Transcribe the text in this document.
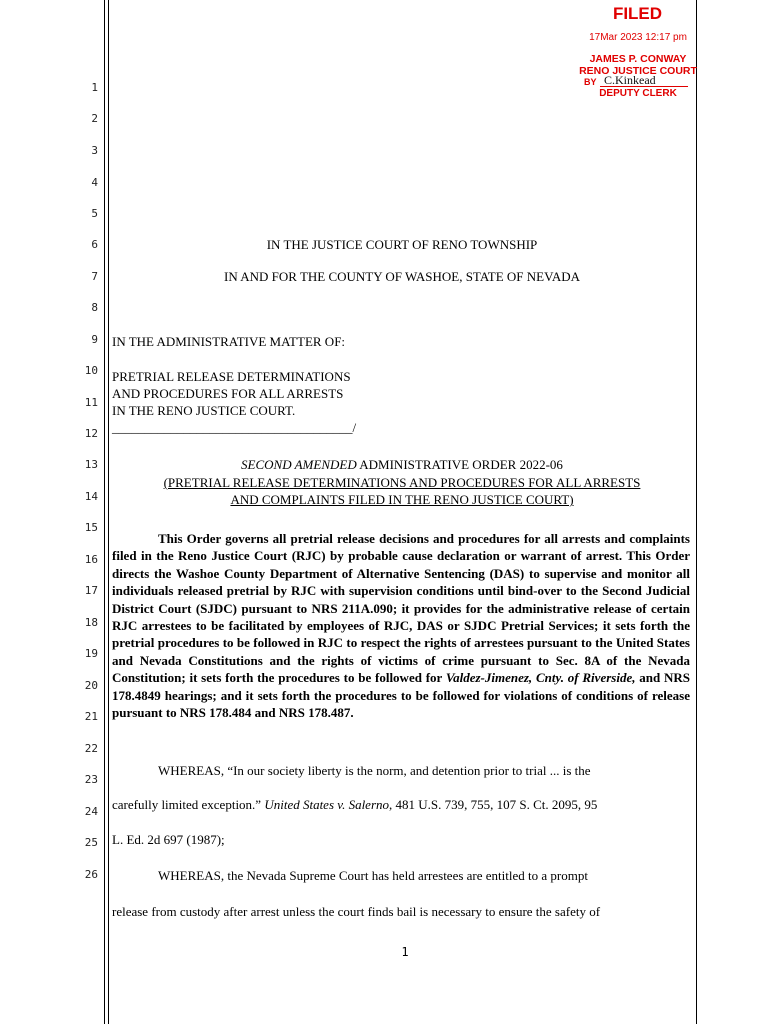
FILED
17Mar 2023 12:17 pm
JAMES P. CONWAY
RENO JUSTICE COURT
BY C.Kinkead
DEPUTY CLERK
1
2
3
4
5
6
7
8
9
10
11
12
13
14
15
16
17
18
19
20
21
22
23
24
25
26
IN THE JUSTICE COURT OF RENO TOWNSHIP
IN AND FOR THE COUNTY OF WASHOE, STATE OF NEVADA
IN THE ADMINISTRATIVE MATTER OF:
PRETRIAL RELEASE DETERMINATIONS
AND PROCEDURES FOR ALL ARRESTS
IN THE RENO JUSTICE COURT.
_____________________________________/
SECOND AMENDED ADMINISTRATIVE ORDER 2022-06
(PRETRIAL RELEASE DETERMINATIONS AND PROCEDURES FOR ALL ARRESTS
AND COMPLAINTS FILED IN THE RENO JUSTICE COURT)
This Order governs all pretrial release decisions and procedures for all arrests and complaints filed in the Reno Justice Court (RJC) by probable cause declaration or warrant of arrest. This Order directs the Washoe County Department of Alternative Sentencing (DAS) to supervise and monitor all individuals released pretrial by RJC with supervision conditions until bind-over to the Second Judicial District Court (SJDC) pursuant to NRS 211A.090; it provides for the administrative release of certain RJC arrestees to be facilitated by employees of RJC, DAS or SJDC Pretrial Services; it sets forth the pretrial procedures to be followed in RJC to respect the rights of arrestees pursuant to the United States and Nevada Constitutions and the rights of victims of crime pursuant to Sec. 8A of the Nevada Constitution; it sets forth the procedures to be followed for Valdez-Jimenez, Cnty. of Riverside, and NRS 178.4849 hearings; and it sets forth the procedures to be followed for violations of conditions of release pursuant to NRS 178.484 and NRS 178.487.
WHEREAS, “In our society liberty is the norm, and detention prior to trial ... is the
carefully limited exception.” United States v. Salerno, 481 U.S. 739, 755, 107 S. Ct. 2095, 95
L. Ed. 2d 697 (1987);
WHEREAS, the Nevada Supreme Court has held arrestees are entitled to a prompt
release from custody after arrest unless the court finds bail is necessary to ensure the safety of
1
